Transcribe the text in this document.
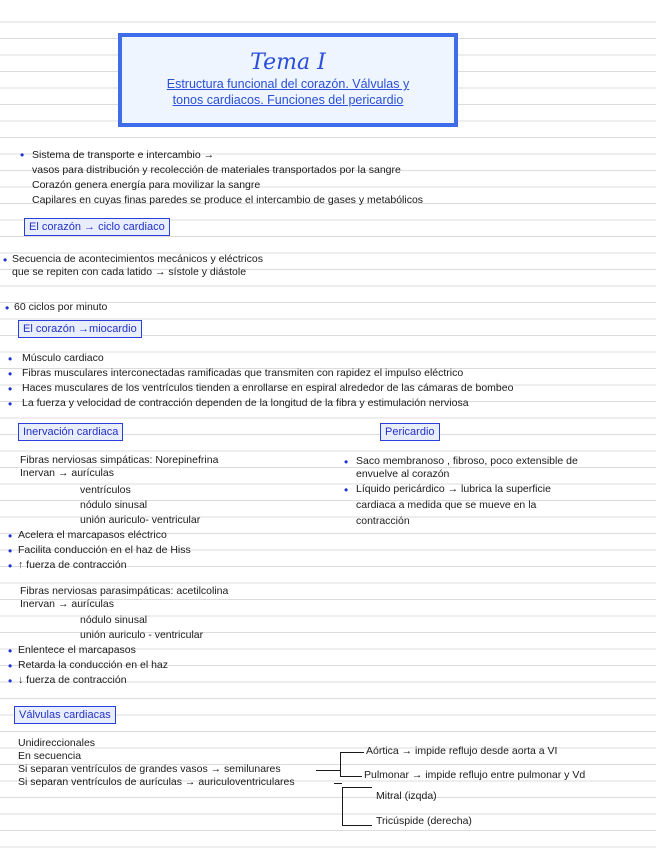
Tema I
Estructura funcional del corazón. Válvulas y
tonos cardiacos. Funciones del pericardio
• Sistema de transporte e intercambio →
vasos para distribución y recolección de materiales transportados por la sangre
Corazón genera energía para movilizar la sangre
Capilares en cuyas finas paredes se produce el intercambio de gases y metabólicos
El corazón → ciclo cardiaco
• Secuencia de acontecimientos mecánicos y eléctricos
que se repiten con cada latido → sístole y diástole
• 60 ciclos por minuto
El corazón →miocardio
• Músculo cardiaco
• Fibras musculares interconectadas ramificadas que transmiten con rapidez el impulso eléctrico
• Haces musculares de los ventrículos tienden a enrollarse en espiral alrededor de las cámaras de bombeo
• La fuerza y velocidad de contracción dependen de la longitud de la fibra y estimulación nerviosa
Inervación cardiaca
Fibras nerviosas simpáticas: Norepinefrina
Inervan → aurículas
ventrículos
nódulo sinusal
unión auriculo- ventricular
• Acelera el marcapasos eléctrico
• Facilita conducción en el haz de Hiss
• ↑ fuerza de contracción
Fibras nerviosas parasimpáticas: acetilcolina
Inervan → aurículas
nódulo sinusal
unión auriculo - ventricular
• Enlentece el marcapasos
• Retarda la conducción en el haz
• ↓ fuerza de contracción
Pericardio
• Saco membranoso , fibroso, poco extensible de
envuelve al corazón
• Líquido pericárdico → lubrica la superficie
cardiaca a medida que se mueve en la
contracción
Válvulas cardiacas
Unidireccionales
En secuencia
Si separan ventrículos de grandes vasos → semilunares
Si separan ventrículos de aurículas → auriculoventriculares
Aórtica → impide reflujo desde aorta a VI
Pulmonar → impide reflujo entre pulmonar y Vd
Mitral (izqda)
Tricúspide (derecha)
